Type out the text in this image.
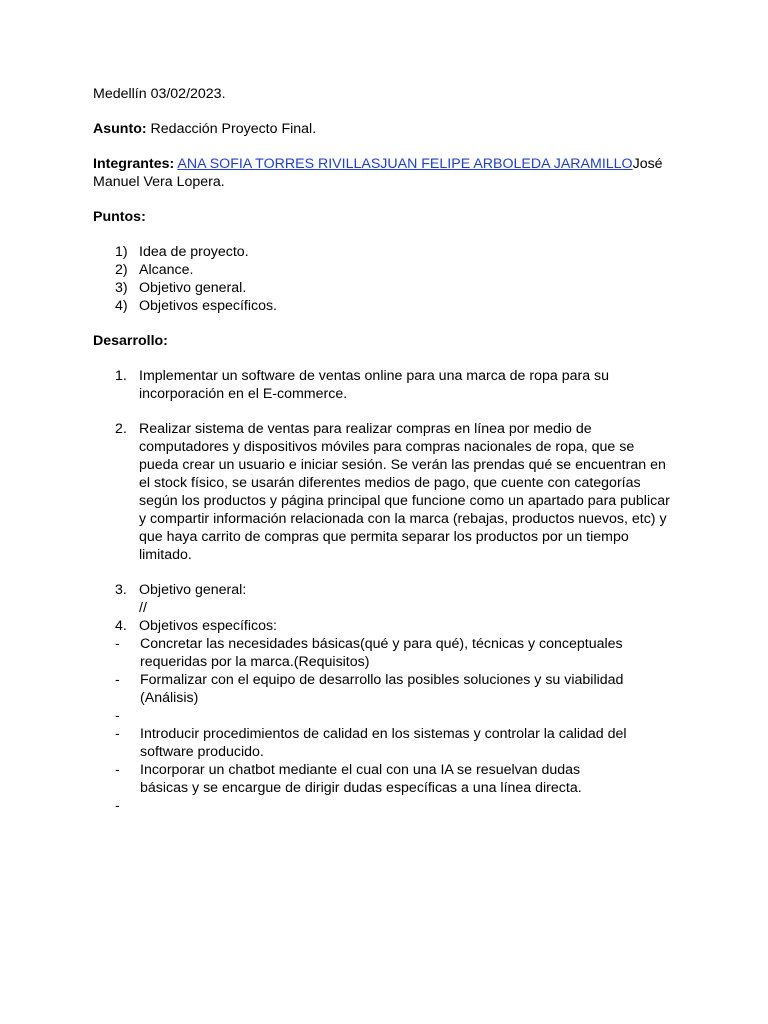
Medellín 03/02/2023.

Asunto: Redacción Proyecto Final.

Integrantes: ANA SOFIA TORRES RIVILLASJUAN FELIPE ARBOLEDA JARAMILLOJosé
Manuel Vera Lopera.

Puntos:

1) Idea de proyecto.
2) Alcance.
3) Objetivo general.
4) Objetivos específicos.

Desarrollo:

1. Implementar un software de ventas online para una marca de ropa para su
incorporación en el E-commerce.
2. Realizar sistema de ventas para realizar compras en línea por medio de
computadores y dispositivos móviles para compras nacionales de ropa, que se
pueda crear un usuario e iniciar sesión. Se verán las prendas qué se encuentran en
el stock físico, se usarán diferentes medios de pago, que cuente con categorías
según los productos y página principal que funcione como un apartado para publicar
y compartir información relacionada con la marca (rebajas, productos nuevos, etc) y
que haya carrito de compras que permita separar los productos por un tiempo
limitado.
3. Objetivo general:
//
4. Objetivos específicos:
- Concretar las necesidades básicas(qué y para qué), técnicas y conceptuales
requeridas por la marca.(Requisitos)
- Formalizar con el equipo de desarrollo las posibles soluciones y su viabilidad
(Análisis)
-
- Introducir procedimientos de calidad en los sistemas y controlar la calidad del
software producido.
- Incorporar un chatbot mediante el cual con una IA se resuelvan dudas
básicas y se encargue de dirigir dudas específicas a una línea directa.
-
